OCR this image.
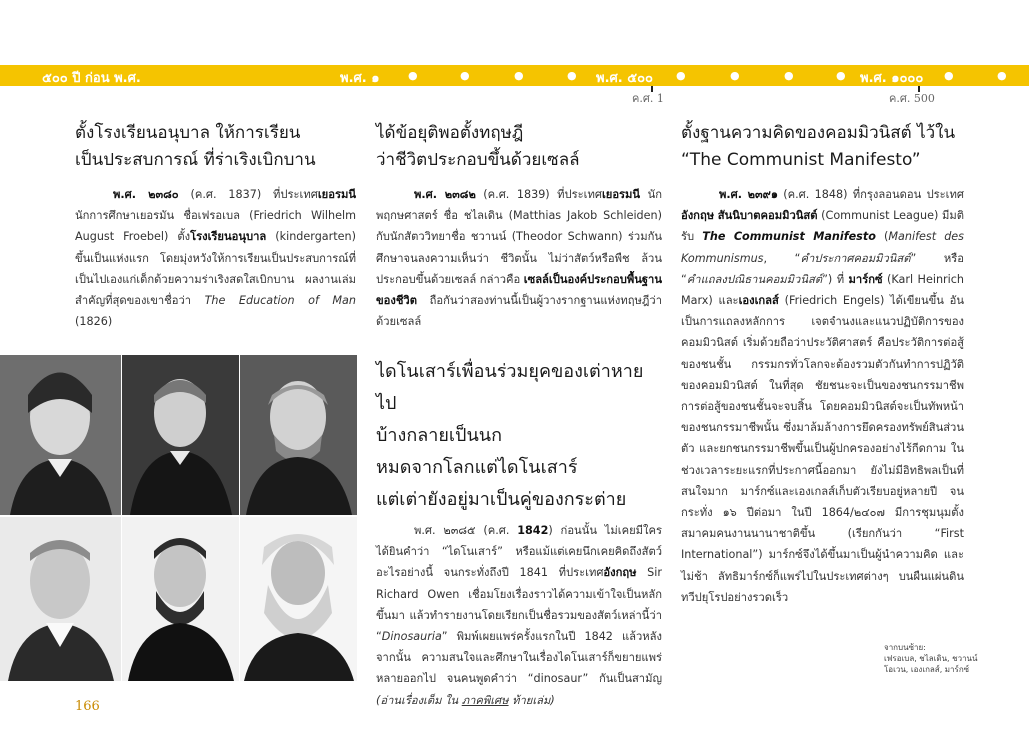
๕๐๐ ปี ก่อน พ.ศ.	พ.ศ. ๑	●	●	●	● พ.ศ. ๕๐๐ ●	●	●	● พ.ศ. ๑๐๐๐ ●	●
ค.ศ. 1	ค.ศ. 500
ตั้งโรงเรียนอนุบาล ให้การเรียน
เป็นประสบการณ์ ที่ร่าเริงเบิกบาน

พ.ศ. ๒๓๘๐ (ค.ศ. 1837) ที่ประเทศเยอรมนี นักการศึกษาเยอรมัน ชื่อเฟรอเบล (Friedrich Wilhelm August Froebel) ตั้งโรงเรียนอนุบาล (kindergarten) ขึ้นเป็นแห่งแรก โดยมุ่งหวังให้การเรียนเป็นประสบการณ์ที่เป็นไปเองแก่เด็กด้วยความร่าเริงสดใสเบิกบาน ผลงานเล่มสำคัญที่สุดของเขาชื่อว่า The Education of Man (1826)

ได้ข้อยุติพอตั้งทฤษฎี
ว่าชีวิตประกอบขึ้นด้วยเซลล์

พ.ศ. ๒๓๘๒ (ค.ศ. 1839) ที่ประเทศเยอรมนี นักพฤกษศาสตร์ ชื่อ ชไลเดิน (Matthias Jakob Schleiden) กับนักสัตววิทยาชื่อ ชวานน์ (Theodor Schwann) ร่วมกันศึกษาจนลงความเห็นว่า ชีวิตนั้น ไม่ว่าสัตว์หรือพืช ล้วนประกอบขึ้นด้วยเซลล์ กล่าวคือ เซลล์เป็นองค์ประกอบพื้นฐานของชีวิต ถือกันว่าสองท่านนี้เป็นผู้วางรากฐานแห่งทฤษฎีว่าด้วยเซลล์

ไดโนเสาร์เพื่อนร่วมยุคของเต่าหายไป
บ้างกลายเป็นนก
หมดจากโลกแต่ไดโนเสาร์
แต่เต่ายังอยู่มาเป็นคู่ของกระต่าย

พ.ศ. ๒๓๘๕ (ค.ศ. 1842) ก่อนนั้น ไม่เคยมีใครได้ยินคำว่า “ไดโนเสาร์” หรือแม้แต่เคยนึกเคยคิดถึงสัตว์อะไรอย่างนี้ จนกระทั่งถึงปี 1841 ที่ประเทศอังกฤษ Sir Richard Owen เชื่อมโยงเรื่องราวได้ความเข้าใจเป็นหลักขึ้นมา แล้วทำรายงานโดยเรียกเป็นชื่อรวมของสัตว์เหล่านี้ว่า “Dinosauria” พิมพ์เผยแพร่ครั้งแรกในปี 1842 แล้วหลังจากนั้น ความสนใจและศึกษาในเรื่องไดโนเสาร์ก็ขยายแพร่หลายออกไป จนคนพูดคำว่า “dinosaur” กันเป็นสามัญ (อ่านเรื่องเต็ม ใน ภาคพิเศษ ท้ายเล่ม)

ตั้งฐานความคิดของคอมมิวนิสต์ ไว้ใน
“The Communist Manifesto”

พ.ศ. ๒๓๙๑ (ค.ศ. 1848) ที่กรุงลอนดอน ประเทศอังกฤษ สันนิบาตคอมมิวนิสต์ (Communist League) มีมติรับ The Communist Manifesto (Manifest des Kommunismus, “คำประกาศคอมมิวนิสต์” หรือ “คำแถลงปณิธานคอมมิวนิสต์”) ที่ มาร์กซ์ (Karl Heinrich Marx) และเองเกลส์ (Friedrich Engels) ได้เขียนขึ้น อันเป็นการแถลงหลักการ เจตจำนงและแนวปฏิบัติการของคอมมิวนิสต์ เริ่มด้วยถือว่าประวัติศาสตร์ คือประวัติการต่อสู้ของชนชั้น กรรมกรทั่วโลกจะต้องรวมตัวกันทำการปฏิวัติของคอมมิวนิสต์ ในที่สุด ชัยชนะจะเป็นของชนกรรมาชีพ การต่อสู้ของชนชั้นจะจบสิ้น โดยคอมมิวนิสต์จะเป็นทัพหน้าของชนกรรมาชีพนั้น ซึ่งมาล้มล้างการยึดครองทรัพย์สินส่วนตัว และยกชนกรรมาชีพขึ้นเป็นผู้ปกครองอย่างไร้กีดกาม ในช่วงเวลาระยะแรกที่ประกาศนี้ออกมา ยังไม่มีอิทธิพลเป็นที่สนใจมาก มาร์กซ์และเองเกลส์เก็บตัวเรียบอยู่หลายปี จนกระทั่ง ๑๖ ปีต่อมา ในปี 1864/๒๔๐๗ มีการชุมนุมตั้งสมาคมคนงานนานาชาติขึ้น (เรียกกันว่า “First International”) มาร์กซ์จึงได้ขึ้นมาเป็นผู้นำความคิด และไม่ช้า ลัทธิมาร์กซ์ก็แพร่ไปในประเทศต่างๆ บนผืนแผ่นดินทวีปยุโรปอย่างรวดเร็ว

จากบนซ้าย:
เฟรอเบล, ชไลเดิน, ชวานน์
โอเวน, เองเกลส์, มาร์กซ์
166
